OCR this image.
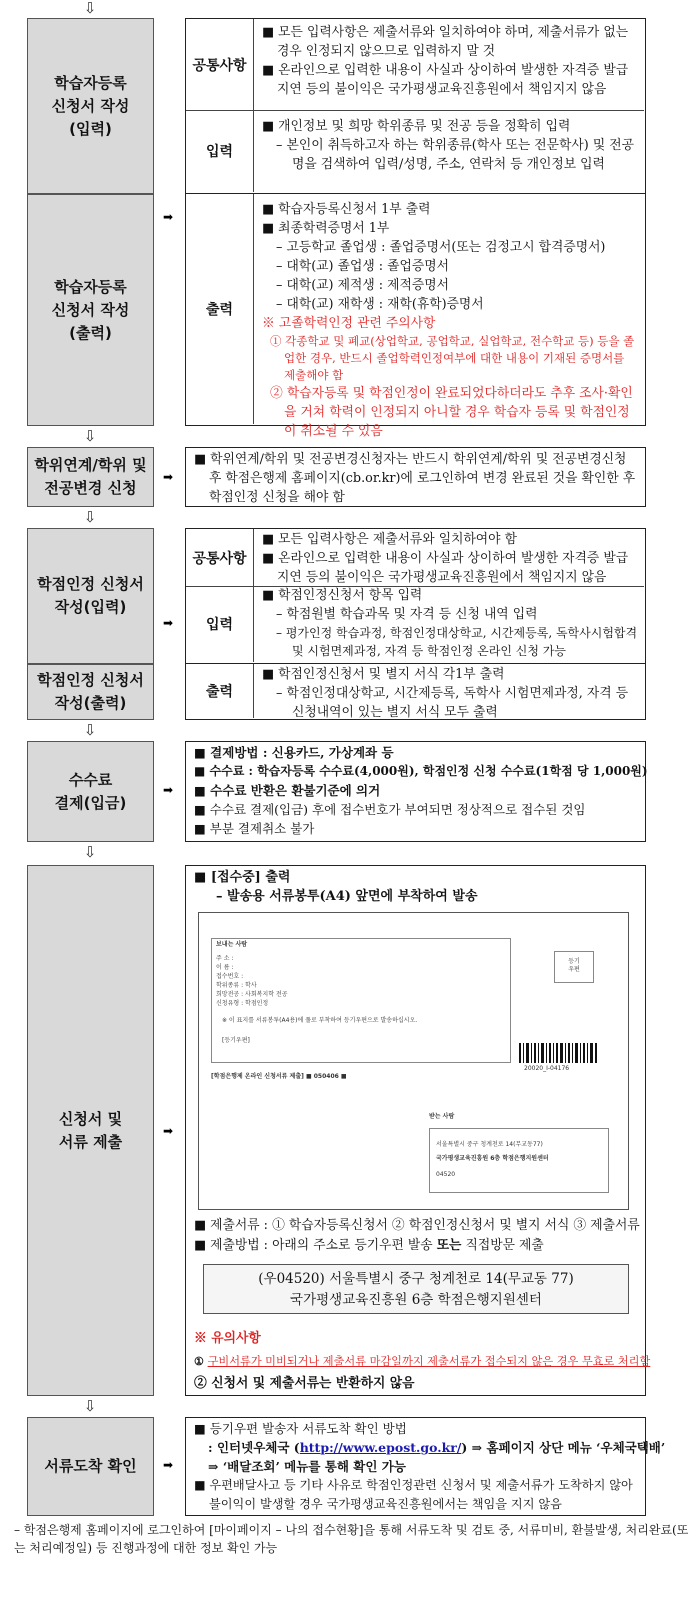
⇩
학습자등록
신청서 작성
(입력)
공통사항
■ 모든 입력사항은 제출서류와 일치하여야 하며, 제출서류가 없는 경우 인정되지 않으므로 입력하지 말 것
■ 온라인으로 입력한 내용이 사실과 상이하여 발생한 자격증 발급 지연 등의 불이익은 국가평생교육진흥원에서 책임지지 않음
입력
■ 개인정보 및 희망 학위종류 및 전공 등을 정확히 입력
– 본인이 취득하고자 하는 학위종류(학사 또는 전문학사) 및 전공명을 검색하여 입력/성명, 주소, 연락처 등 개인정보 입력
학습자등록
신청서 작성
(출력)
➡
출력
■ 학습자등록신청서 1부 출력
■ 최종학력증명서 1부
– 고등학교 졸업생 : 졸업증명서(또는 검정고시 합격증명서)
– 대학(교) 졸업생 : 졸업증명서
– 대학(교) 제적생 : 제적증명서
– 대학(교) 재학생 : 재학(휴학)증명서
※ 고졸학력인정 관련 주의사항
① 각종학교 및 폐교(상업학교, 공업학교, 실업학교, 전수학교 등) 등을 졸업한 경우, 반드시 졸업학력인정여부에 대한 내용이 기재된 증명서를 제출해야 함
② 학습자등록 및 학점인정이 완료되었다하더라도 추후 조사·확인을 거쳐 학력이 인정되지 아니할 경우 학습자 등록 및 학점인정이 취소될 수 있음
⇩
학위연계/학위 및
전공변경 신청
➡
■ 학위연계/학위 및 전공변경신청자는 반드시 학위연계/학위 및 전공변경신청 후 학점은행제 홈페이지(cb.or.kr)에 로그인하여 변경 완료된 것을 확인한 후 학점인정 신청을 해야 함
⇩
학점인정 신청서
작성(입력)
➡
공통사항
■ 모든 입력사항은 제출서류와 일치하여야 함
■ 온라인으로 입력한 내용이 사실과 상이하여 발생한 자격증 발급 지연 등의 불이익은 국가평생교육진흥원에서 책임지지 않음
입력
■ 학점인정신청서 항목 입력
– 학점원별 학습과목 및 자격 등 신청 내역 입력
– 평가인정 학습과정, 학점인정대상학교, 시간제등록, 독학사시험합격 및 시험면제과정, 자격 등 학점인정 온라인 신청 가능
학점인정 신청서
작성(출력)
출력
■ 학점인정신청서 및 별지 서식 각1부 출력
– 학점인정대상학교, 시간제등록, 독학사 시험면제과정, 자격 등 신청내역이 있는 별지 서식 모두 출력
⇩
수수료
결제(입금)
➡
■ 결제방법 : 신용카드, 가상계좌 등
■ 수수료 : 학습자등록 수수료(4,000원), 학점인정 신청 수수료(1학점 당 1,000원)
■ 수수료 반환은 환불기준에 의거
■ 수수료 결제(입금) 후에 접수번호가 부여되면 정상적으로 접수된 것임
■ 부분 결제취소 불가
⇩
신청서 및
서류 제출
➡
■ [접수중] 출력
– 발송용 서류봉투(A4) 앞면에 부착하여 발송
보내는 사람
주 소 :
이 름 :
접수번호 :
학위종류 : 학사
희망전공 : 사회복지학 전공
신청유형 : 학점인정
※ 이 표지를 서류봉투(A4용)에 풀로 부착하여 등기우편으로 발송하십시오.
[등기우편]
[학점은행제 온라인 신청서류 제출] ■ 050406 ■
등기
우편
20020_I-04176
받는 사람
서울특별시 중구 청계천로 14(무교동77)
국가평생교육진흥원 6층 학점은행지원센터
04520
■ 제출서류 : ① 학습자등록신청서 ② 학점인정신청서 및 별지 서식 ③ 제출서류
■ 제출방법 : 아래의 주소로 등기우편 발송 또는 직접방문 제출
(우04520) 서울특별시 중구 청계천로 14(무교동 77)
국가평생교육진흥원 6층 학점은행지원센터
※ 유의사항
① 구비서류가 미비되거나 제출서류 마감일까지 제출서류가 접수되지 않은 경우 무효로 처리함
② 신청서 및 제출서류는 반환하지 않음
⇩
서류도착 확인	➡
■ 등기우편 발송자 서류도착 확인 방법
: 인터넷우체국 (http://www.epost.go.kr/) ⇒ 홈페이지 상단 메뉴 ‘우체국택배’
⇒ ‘배달조회’ 메뉴를 통해 확인 가능
■ 우편배달사고 등 기타 사유로 학점인정관련 신청서 및 제출서류가 도착하지 않아 불이익이 발생할 경우 국가평생교육진흥원에서는 책임을 지지 않음
– 학점은행제 홈페이지에 로그인하여 [마이페이지 – 나의 접수현황]을 통해 서류도착 및 검토 중, 서류미비, 환불발생, 처리완료(또는 처리예정일) 등 진행과정에 대한 정보 확인 가능
